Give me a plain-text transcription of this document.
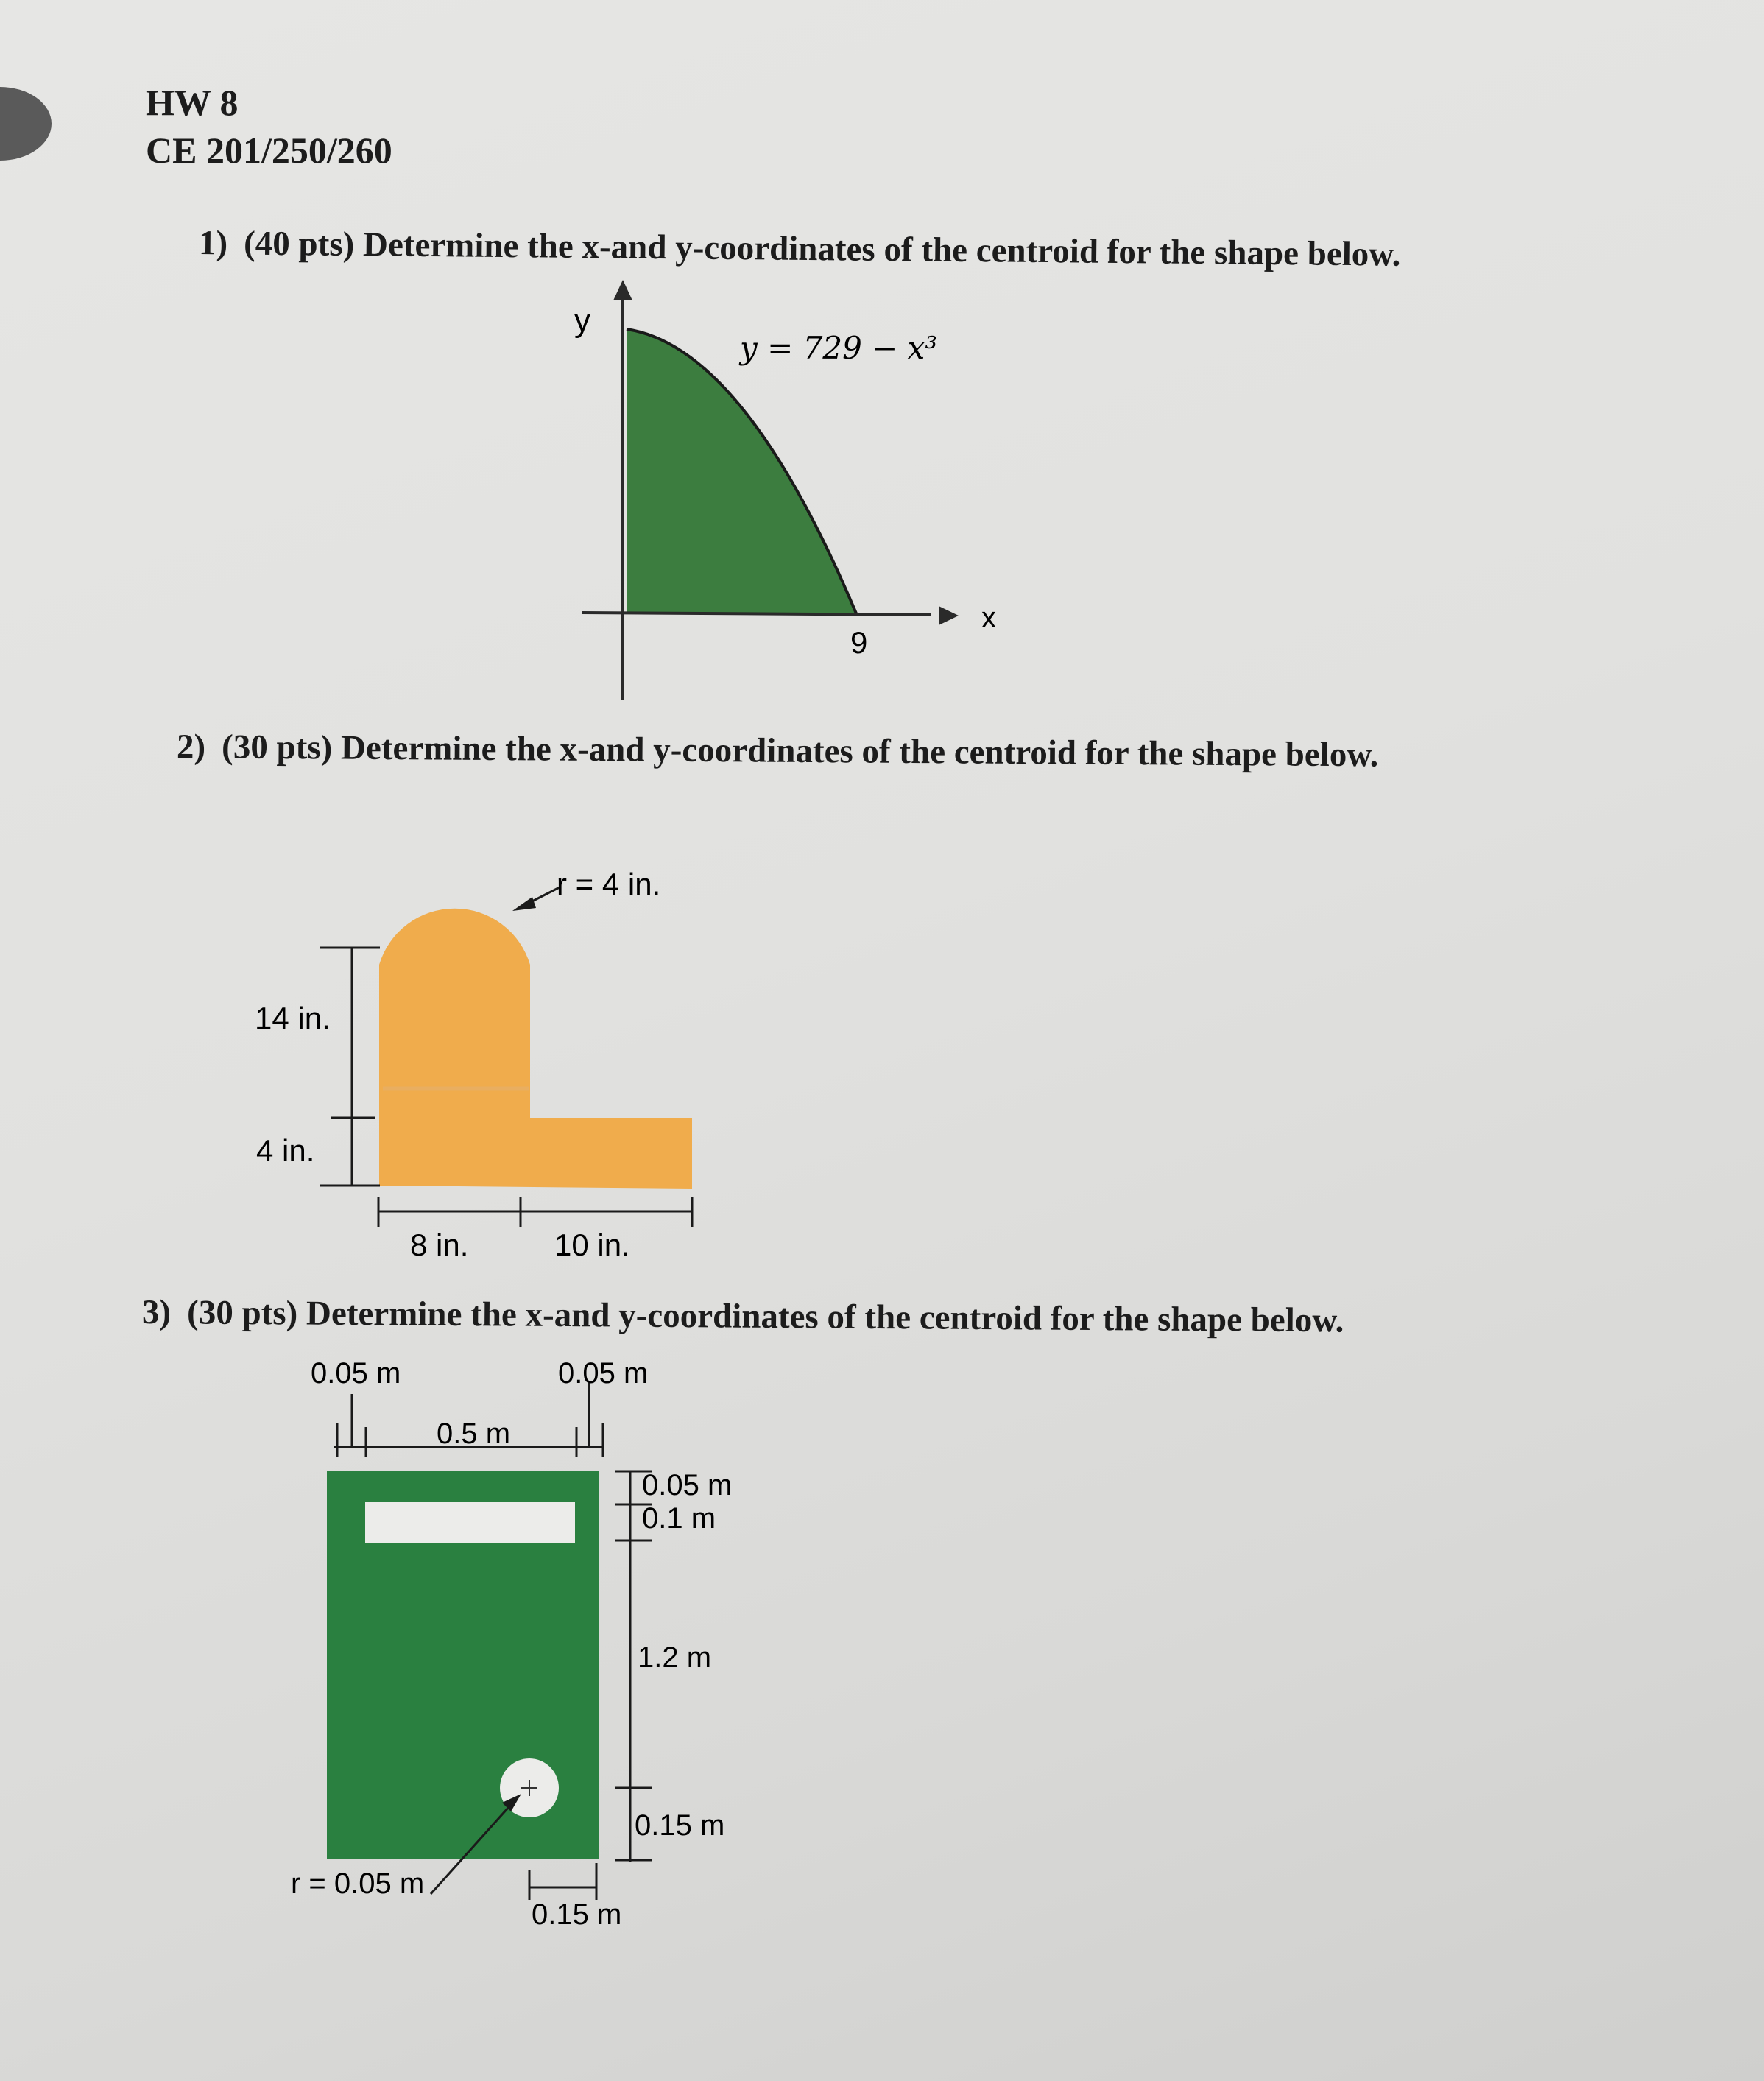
HW 8
CE 201/250/260
1) (40 pts) Determine the x-and y-coordinates of the centroid for the shape below.
2) (30 pts) Determine the x-and y-coordinates of the centroid for the shape below.
3) (30 pts) Determine the x-and y-coordinates of the centroid for the shape below.
y
x
y = 729 − x³
9
r = 4 in.
14 in.
4 in.
8 in.	10 in.
r = 0.05 m
0.05 m	0.05 m
0.5 m
0.05 m
0.1 m
1.2 m
0.15 m
0.15 m
